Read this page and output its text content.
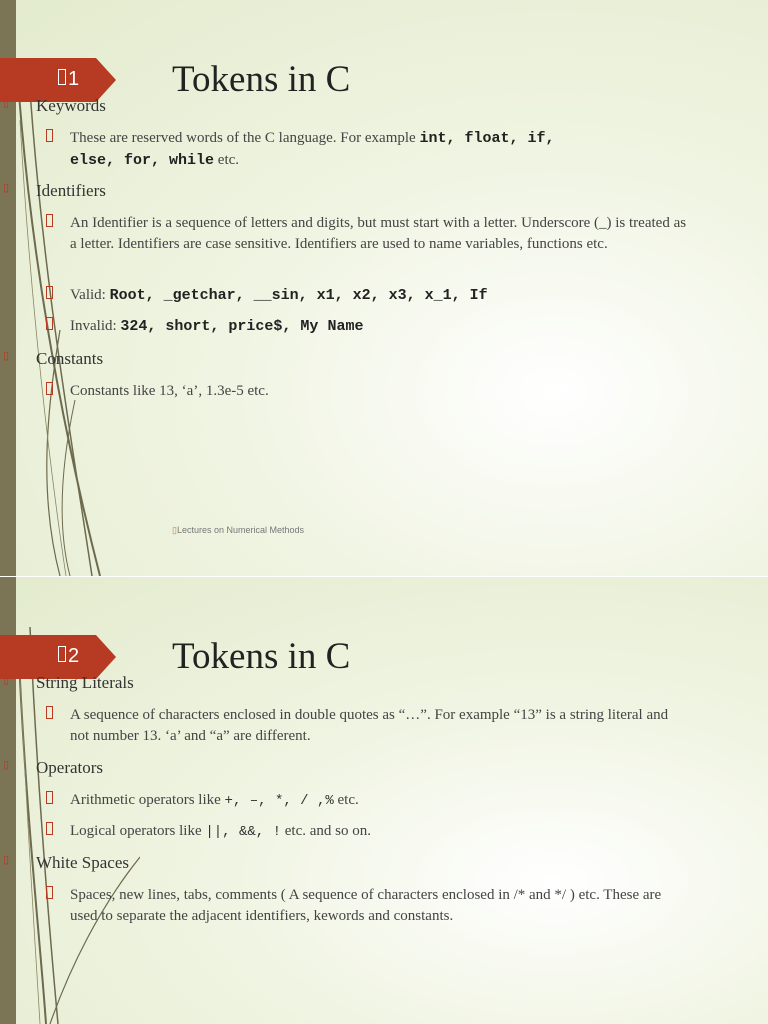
1	Tokens in C
▯ Keywords
These are reserved words of the C language. For example int, float, if,
else, for, while etc.
▯ Identifiers
An Identifier is a sequence of letters and digits, but must start with a letter. Underscore (_) is treated as a letter. Identifiers are case sensitive. Identifiers are used to name variables, functions etc.
Valid: Root, _getchar, __sin, x1, x2, x3, x_1, If
Invalid: 324, short, price$, My Name
▯ Constants
Constants like 13, ‘a’, 1.3e-5 etc.
▯Lectures on Numerical Methods
2	Tokens in C
▯ String Literals
A sequence of characters enclosed in double quotes as “…”. For example “13” is a string literal and not number 13. ‘a’ and “a” are different.
▯ Operators
Arithmetic operators like +, –, *, / ,% etc.
Logical operators like ||, &&, ! etc. and so on.
▯ White Spaces
Spaces, new lines, tabs, comments ( A sequence of characters enclosed in /* and */ ) etc. These are used to separate the adjacent identifiers, kewords and constants.
